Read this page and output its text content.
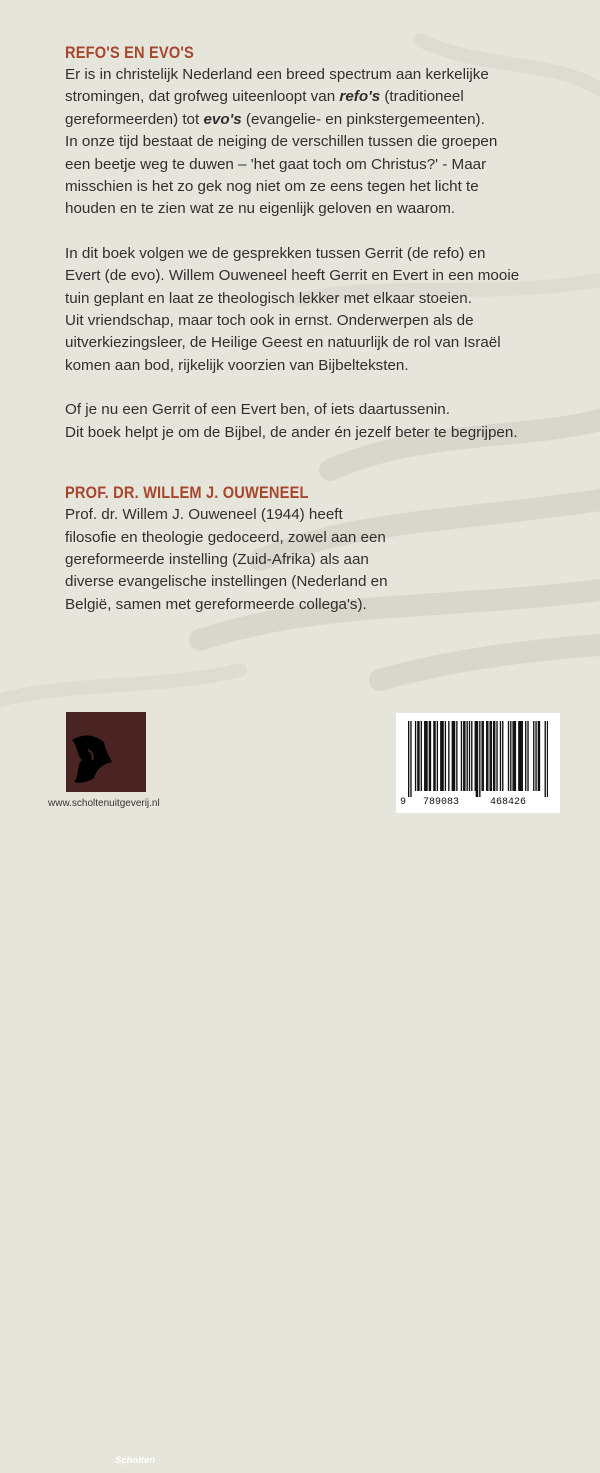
REFO'S EN EVO'S
Er is in christelijk Nederland een breed spectrum aan kerkelijke
stromingen, dat grofweg uiteenloopt van refo's (traditioneel
gereformeerden) tot evo's (evangelie- en pinkstergemeenten).
In onze tijd bestaat de neiging de verschillen tussen die groepen
een beetje weg te duwen – 'het gaat toch om Christus?' - Maar
misschien is het zo gek nog niet om ze eens tegen het licht te
houden en te zien wat ze nu eigenlijk geloven en waarom.
In dit boek volgen we de gesprekken tussen Gerrit (de refo) en
Evert (de evo). Willem Ouweneel heeft Gerrit en Evert in een mooie
tuin geplant en laat ze theologisch lekker met elkaar stoeien.
Uit vriendschap, maar toch ook in ernst. Onderwerpen als de
uitverkiezingsleer, de Heilige Geest en natuurlijk de rol van Israël
komen aan bod, rijkelijk voorzien van Bijbelteksten.
Of je nu een Gerrit of een Evert ben, of iets daartussenin.
Dit boek helpt je om de Bijbel, de ander én jezelf beter te begrijpen.
PROF. DR. WILLEM J. OUWENEEL
Prof. dr. Willem J. Ouweneel (1944) heeft
filosofie en theologie gedoceerd, zowel aan een
gereformeerde instelling (Zuid-Afrika) als aan
diverse evangelische instellingen (Nederland en
België, samen met gereformeerde collega's).
Scholten
Uitgeverij
www.scholtenuitgeverij.nl	9 789083	468426
